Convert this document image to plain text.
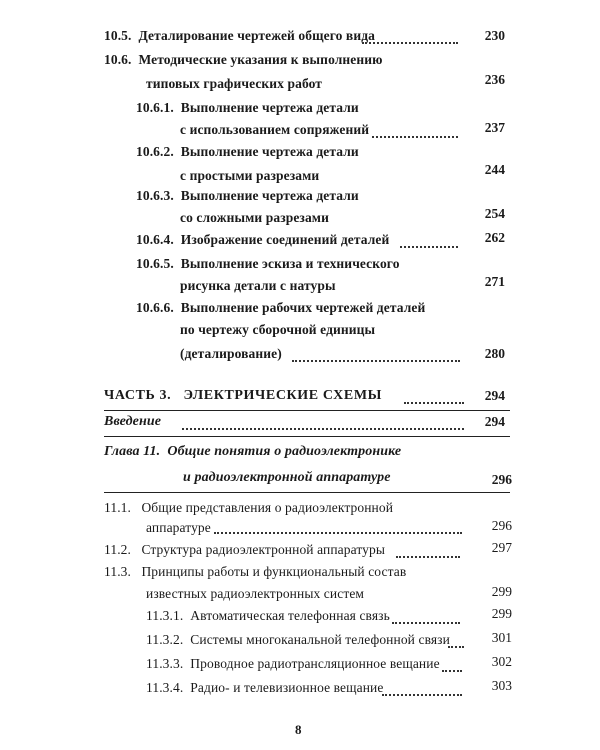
10.5. Деталирование чертежей общего вида	230
10.6. Методические указания к выполнению
типовых графических работ	236
10.6.1. Выполнение чертежа детали
с использованием сопряжений	237
10.6.2. Выполнение чертежа детали
с простыми разрезами	244
10.6.3. Выполнение чертежа детали
со сложными разрезами	254
10.6.4. Изображение соединений деталей	262
10.6.5. Выполнение эскиза и технического
рисунка детали с натуры	271
10.6.6. Выполнение рабочих чертежей деталей
по чертежу сборочной единицы
(деталирование)	280
ЧАСТЬ 3. ЭЛЕКТРИЧЕСКИЕ СХЕМЫ	294
Введение	294
Глава 11. Общие понятия о радиоэлектронике
и радиоэлектронной аппаратуре	296
11.1. Общие представления о радиоэлектронной
аппаратуре	296
11.2. Структура радиоэлектронной аппаратуры	297
11.3. Принципы работы и функциональный состав
известных радиоэлектронных систем	299
11.3.1. Автоматическая телефонная связь	299
11.3.2. Системы многоканальной телефонной связи	301
11.3.3. Проводное радиотрансляционное вещание	302
11.3.4. Радио- и телевизионное вещание	303
8
